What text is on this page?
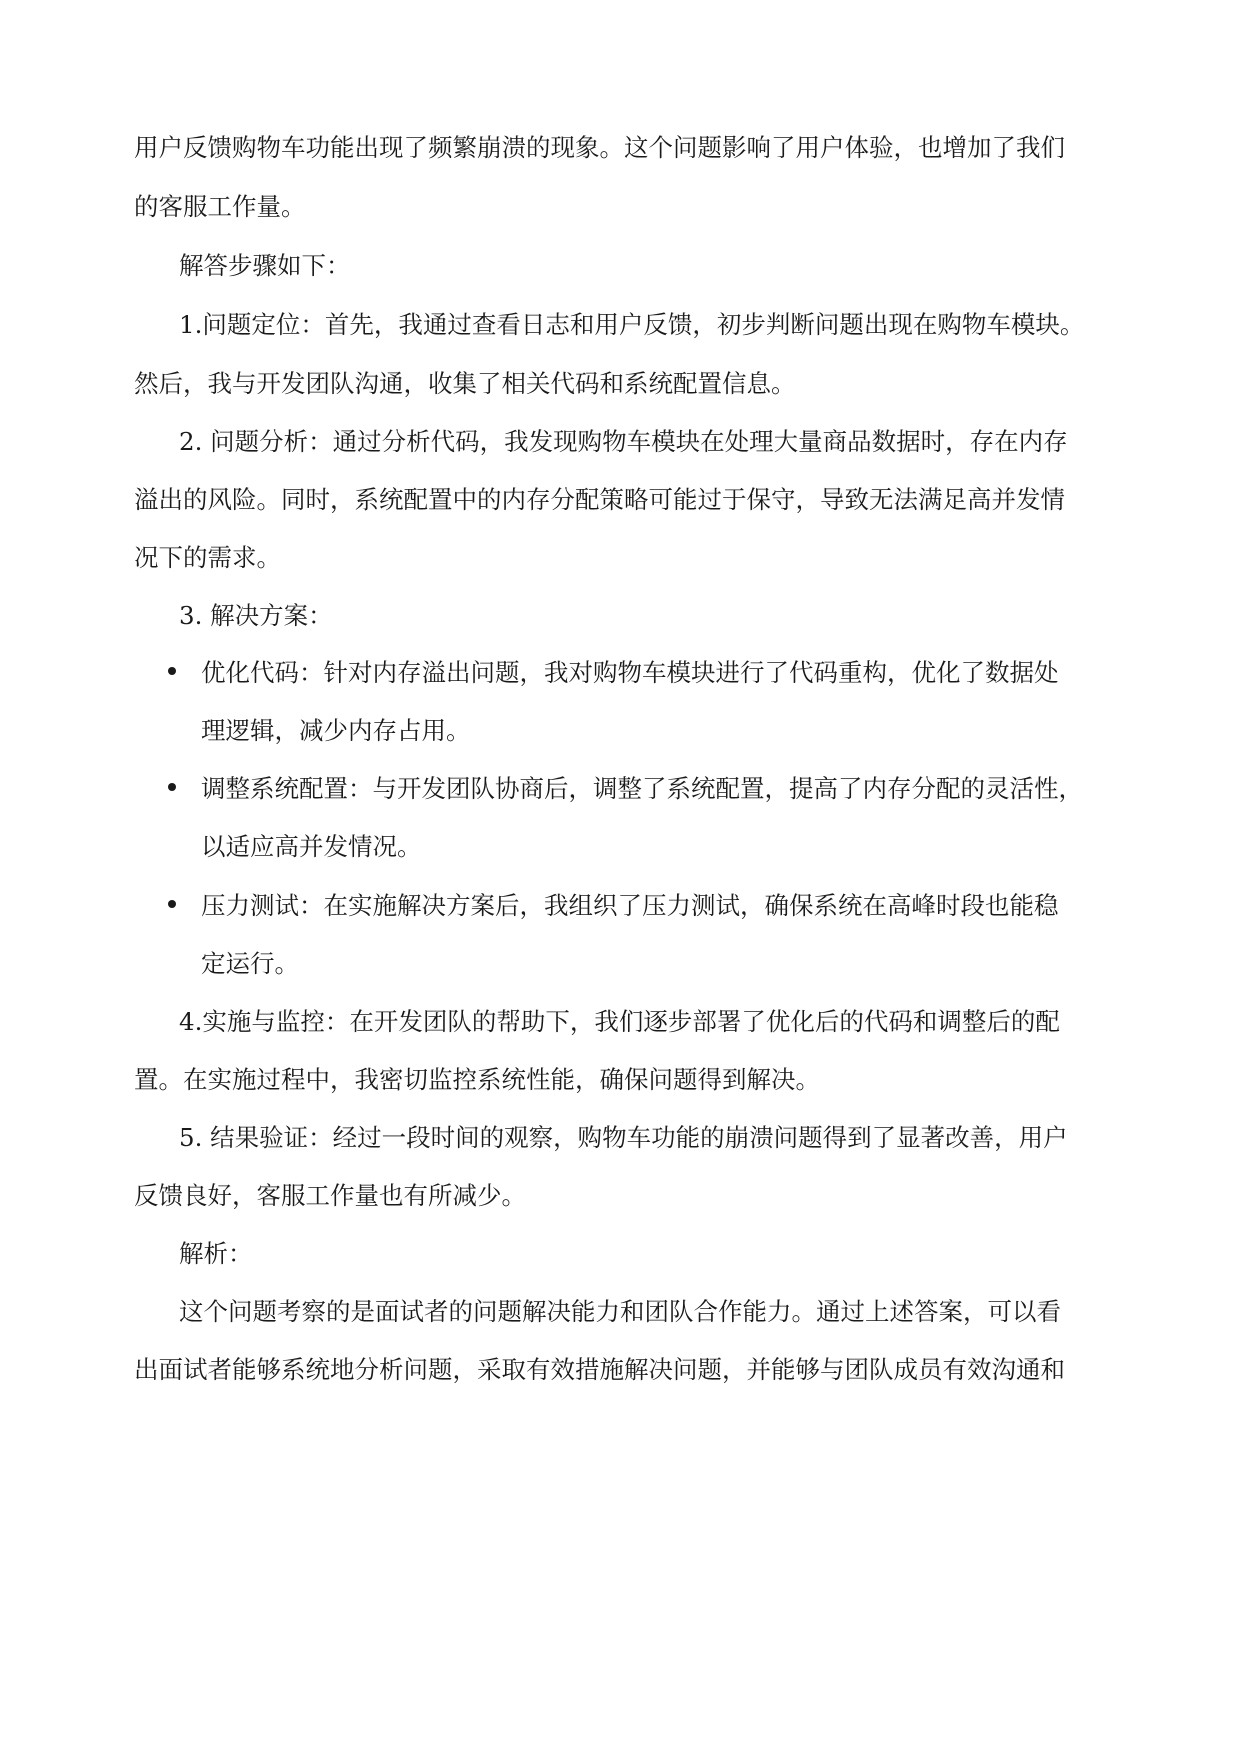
用户反馈购物车功能出现了频繁崩溃的现象。这个问题影响了用户体验，也增加了我们
的客服工作量。
解答步骤如下：
1.问题定位：首先，我通过查看日志和用户反馈，初步判断问题出现在购物车模块。
然后，我与开发团队沟通，收集了相关代码和系统配置信息。
2. 问题分析：通过分析代码，我发现购物车模块在处理大量商品数据时，存在内存
溢出的风险。同时，系统配置中的内存分配策略可能过于保守，导致无法满足高并发情
况下的需求。
3. 解决方案：
优化代码：针对内存溢出问题，我对购物车模块进行了代码重构，优化了数据处
理逻辑，减少内存占用。
调整系统配置：与开发团队协商后，调整了系统配置，提高了内存分配的灵活性，
以适应高并发情况。
压力测试：在实施解决方案后，我组织了压力测试，确保系统在高峰时段也能稳
定运行。
4.实施与监控：在开发团队的帮助下，我们逐步部署了优化后的代码和调整后的配
置。在实施过程中，我密切监控系统性能，确保问题得到解决。
5. 结果验证：经过一段时间的观察，购物车功能的崩溃问题得到了显著改善，用户
反馈良好，客服工作量也有所减少。
解析：
这个问题考察的是面试者的问题解决能力和团队合作能力。通过上述答案，可以看
出面试者能够系统地分析问题，采取有效措施解决问题，并能够与团队成员有效沟通和
